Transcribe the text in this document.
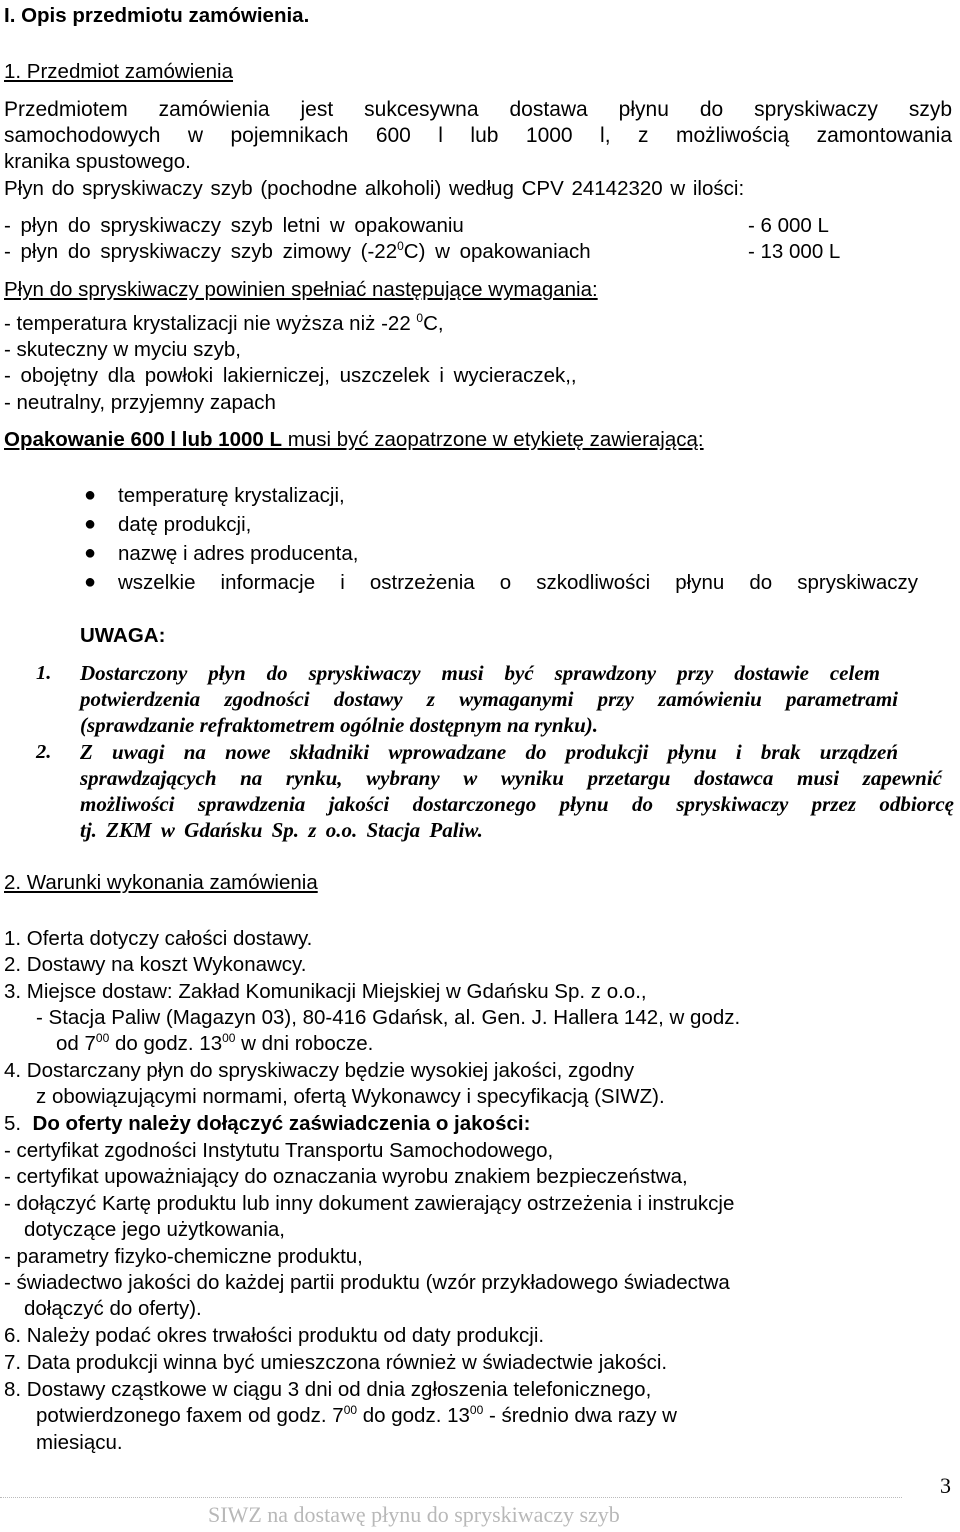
I. Opis przedmiotu zamówienia.
1. Przedmiot zamówienia
Przedmiotem zamówienia jest sukcesywna dostawa płynu do spryskiwaczy szyb
samochodowych w pojemnikach 600 l lub 1000 l, z możliwością zamontowania
kranika spustowego.
Płyn do spryskiwaczy szyb (pochodne alkoholi) według CPV 24142320 w ilości:
- płyn do spryskiwaczy szyb letni w opakowaniu	- 6 000 L
- płyn do spryskiwaczy szyb zimowy $(-22^0C)$ w opakowaniach	- 13 000 L
Płyn do spryskiwaczy powinien spełniać następujące wymagania:
- temperatura krystalizacji nie wyższa niż -22 $^0$C,
- skuteczny w myciu szyb,
- obojętny dla powłoki lakierniczej, uszczelek i wycieraczek,,
- neutralny, przyjemny zapach
Opakowanie 600 l lub 1000 L musi być zaopatrzone w etykietę zawierającą:
● temperaturę krystalizacji,
● datę produkcji,
● nazwę i adres producenta,
● wszelkie informacje i ostrzeżenia o szkodliwości płynu do spryskiwaczy
UWAGA:
1. Dostarczony płyn do spryskiwaczy musi być sprawdzony przy dostawie celem
potwierdzenia zgodności dostawy z wymaganymi przy zamówieniu parametrami
(sprawdzanie refraktometrem ogólnie dostępnym na rynku).
2. Z uwagi na nowe składniki wprowadzane do produkcji płynu i brak urządzeń
sprawdzających na rynku, wybrany w wyniku przetargu dostawca musi zapewnić
możliwości sprawdzenia jakości dostarczonego płynu do spryskiwaczy przez odbiorcę
tj. ZKM w Gdańsku Sp. z o.o. Stacja Paliw.
2. Warunki wykonania zamówienia
1. Oferta dotyczy całości dostawy.
2. Dostawy na koszt Wykonawcy.
3. Miejsce dostaw: Zakład Komunikacji Miejskiej w Gdańsku Sp. z o.o.,
- Stacja Paliw (Magazyn 03), 80-416 Gdańsk, al. Gen. J. Hallera 142, w godz.
od $7^{00}$ do godz. $13^{00}$ w dni robocze.
4. Dostarczany płyn do spryskiwaczy będzie wysokiej jakości, zgodny
z obowiązującymi normami, ofertą Wykonawcy i specyfikacją (SIWZ).
5. Do oferty należy dołączyć zaświadczenia o jakości:
- certyfikat zgodności Instytutu Transportu Samochodowego,
- certyfikat upoważniający do oznaczania wyrobu znakiem bezpieczeństwa,
- dołączyć Kartę produktu lub inny dokument zawierający ostrzeżenia i instrukcje
dotyczące jego użytkowania,
- parametry fizyko-chemiczne produktu,
- świadectwo jakości do każdej partii produktu (wzór przykładowego świadectwa
dołączyć do oferty).
6. Należy podać okres trwałości produktu od daty produkcji.
7. Data produkcji winna być umieszczona również w świadectwie jakości.
8. Dostawy cząstkowe w ciągu 3 dni od dnia zgłoszenia telefonicznego,
potwierdzonego faxem od godz. $7^{00}$ do godz. $13^{00}$ - średnio dwa razy w
miesiącu.
3
SIWZ na dostawę płynu do spryskiwaczy szyb
